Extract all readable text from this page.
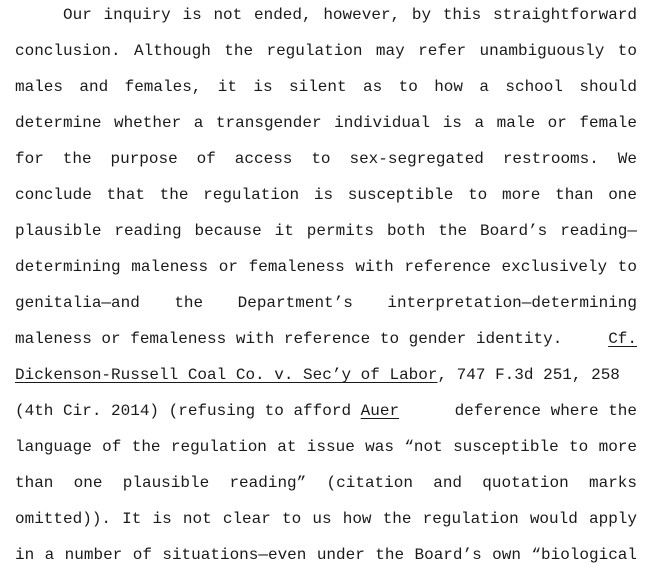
Our inquiry is not ended, however, by this straightforward
conclusion. Although the regulation may refer unambiguously to
males and females, it is silent as to how a school should
determine whether a transgender individual is a male or female
for the purpose of access to sex-segregated restrooms. We
conclude that the regulation is susceptible to more than one
plausible reading because it permits both the Board’s reading—
determining maleness or femaleness with reference exclusively to
genitalia—and the Department’s interpretation—determining
maleness or femaleness with reference to gender identity.	Cf.
Dickenson-Russell Coal Co. v. Sec’y of Labor, 747 F.3d 251, 258
(4th Cir. 2014) (refusing to afford Auer	deference where the
language of the regulation at issue was “not susceptible to more
than one plausible reading” (citation and quotation marks
omitted)). It is not clear to us how the regulation would apply
in a number of situations—even under the Board’s own “biological
